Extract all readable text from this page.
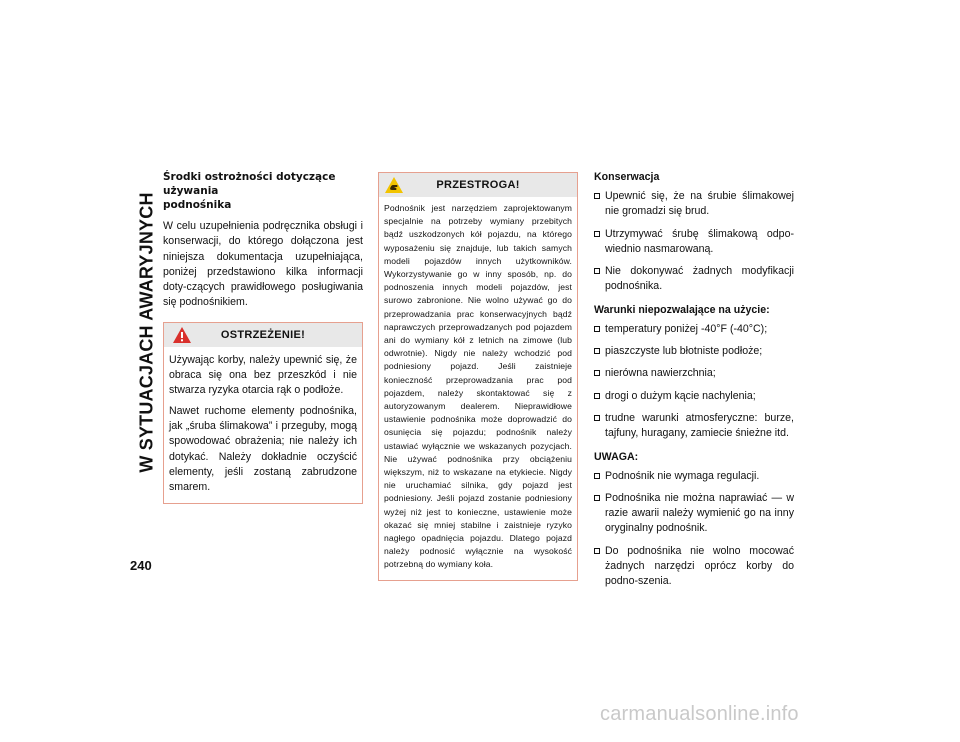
W SYTUACJACH AWARYJNYCH
240
Środki ostrożności dotyczące używania
podnośnika

W celu uzupełnienia podręcznika obsługi i konserwacji, do którego dołączona jest niniejsza dokumentacja uzupełniająca, poniżej przedstawiono kilka informacji doty-czących prawidłowego posługiwania się podnośnikiem.

OSTRZEŻENIE!

Używając korby, należy upewnić się, że obraca się ona bez przeszkód i nie stwarza ryzyka otarcia rąk o podłoże.

Nawet ruchome elementy podnośnika, jak „śruba ślimakowa” i przeguby, mogą spowodować obrażenia; nie należy ich dotykać. Należy dokładnie oczyścić elementy, jeśli zostaną zabrudzone smarem.

PRZESTROGA!

Podnośnik jest narzędziem zaprojektowanym specjalnie na potrzeby wymiany przebitych bądź uszkodzonych kół pojazdu, na którego wyposażeniu się znajduje, lub takich samych modeli pojazdów innych użytkowników. Wykorzystywanie go w inny sposób, np. do podnoszenia innych modeli pojazdów, jest surowo zabronione. Nie wolno używać go do przeprowadzania prac konserwacyjnych bądź naprawczych przeprowadzanych pod pojazdem ani do wymiany kół z letnich na zimowe (lub odwrotnie). Nigdy nie należy wchodzić pod podniesiony pojazd. Jeśli zaistnieje konieczność przeprowadzania prac pod pojazdem, należy skontaktować się z autoryzowanym dealerem. Nieprawidłowe ustawienie podnośnika może doprowadzić do osunięcia się pojazdu; podnośnik należy ustawiać wyłącznie we wskazanych pozycjach. Nie używać podnośnika przy obciążeniu większym, niż to wskazane na etykiecie. Nigdy nie uruchamiać silnika, gdy pojazd jest podniesiony. Jeśli pojazd zostanie podniesiony wyżej niż jest to konieczne, ustawienie może okazać się mniej stabilne i zaistnieje ryzyko nagłego opadnięcia pojazdu. Dlatego pojazd należy podnosić wyłącznie na wysokość potrzebną do wymiany koła.

Konserwacja
Upewnić się, że na śrubie ślimakowej nie gromadzi się brud.
Utrzymywać śrubę ślimakową odpo-wiednio nasmarowaną.
Nie dokonywać żadnych modyfikacji podnośnika.
Warunki niepozwalające na użycie:
temperatury poniżej -40°F (-40°C);
piaszczyste lub błotniste podłoże;
nierówna nawierzchnia;
drogi o dużym kącie nachylenia;
trudne warunki atmosferyczne: burze, tajfuny, huragany, zamiecie śnieżne itd.
UWAGA:
Podnośnik nie wymaga regulacji.
Podnośnika nie można naprawiać — w razie awarii należy wymienić go na inny oryginalny podnośnik.
Do podnośnika nie wolno mocować żadnych narzędzi oprócz korby do podno-szenia.
carmanualsonline.info
